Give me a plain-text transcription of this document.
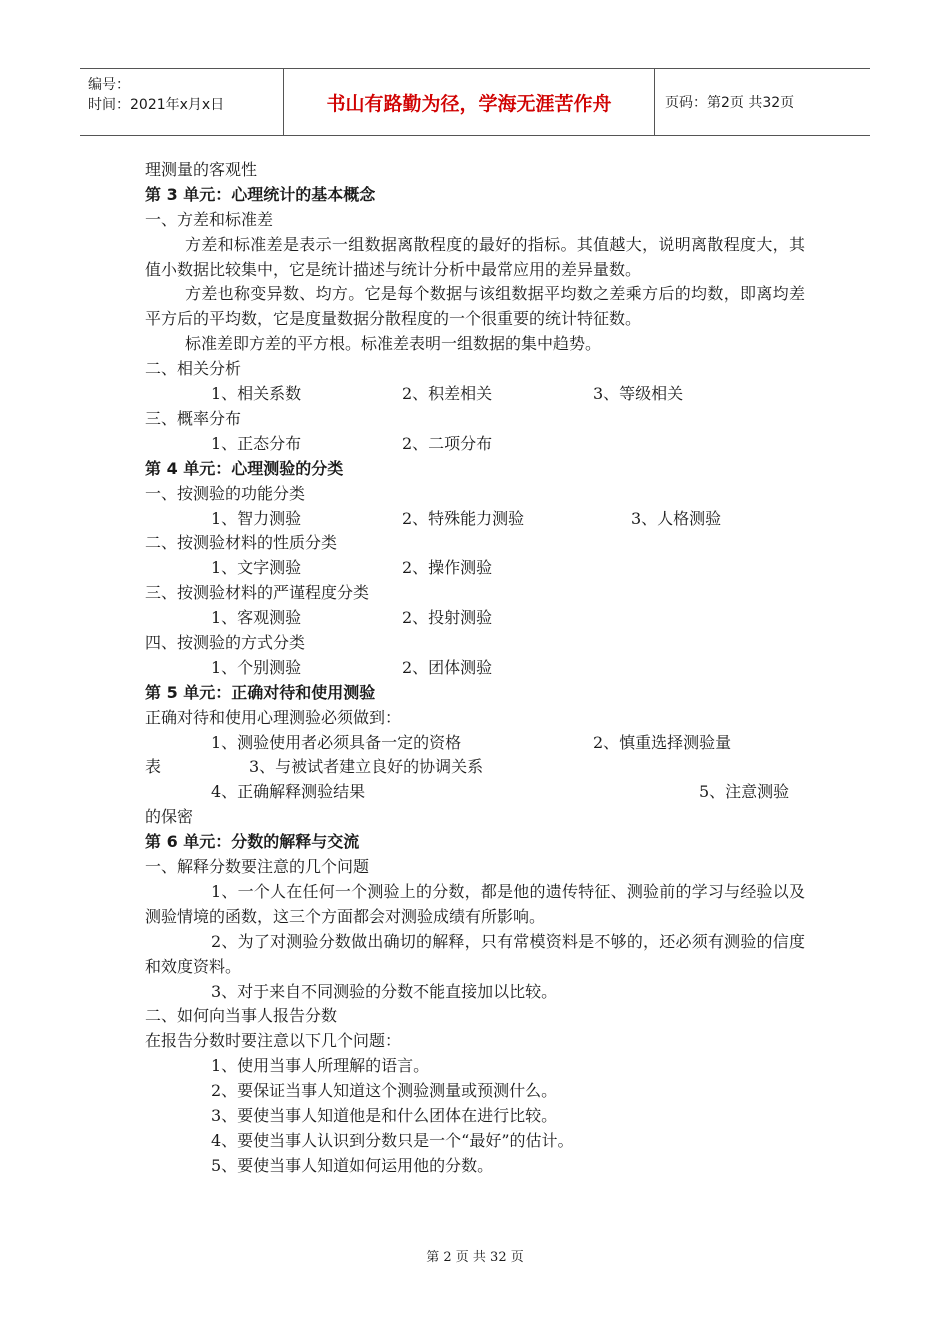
编号：
时间：2021年x月x日	书山有路勤为径，学海无涯苦作舟	页码：第2页 共32页
理测量的客观性
第 3 单元：心理统计的基本概念
一、方差和标准差
方差和标准差是表示一组数据离散程度的最好的指标。其值越大，说明离散程度大，其值小数据比较集中，它是统计描述与统计分析中最常应用的差异量数。
方差也称变异数、均方。它是每个数据与该组数据平均数之差乘方后的均数，即离均差平方后的平均数，它是度量数据分散程度的一个很重要的统计特征数。
标准差即方差的平方根。标准差表明一组数据的集中趋势。
二、相关分析
1、相关系数	2、积差相关	3、等级相关
三、概率分布
1、正态分布	2、二项分布
第 4 单元：心理测验的分类
一、按测验的功能分类
1、智力测验	2、特殊能力测验	3、人格测验
二、按测验材料的性质分类
1、文字测验	2、操作测验
三、按测验材料的严谨程度分类
1、客观测验	2、投射测验
四、按测验的方式分类
1、个别测验	2、团体测验
第 5 单元：正确对待和使用测验
正确对待和使用心理测验必须做到：
1、测验使用者必须具备一定的资格	2、慎重选择测验量
表	3、与被试者建立良好的协调关系
4、正确解释测验结果	5、注意测验
的保密
第 6 单元：分数的解释与交流
一、解释分数要注意的几个问题
1、一个人在任何一个测验上的分数，都是他的遗传特征、测验前的学习与经验以及测验情境的函数，这三个方面都会对测验成绩有所影响。
2、为了对测验分数做出确切的解释，只有常模资料是不够的，还必须有测验的信度和效度资料。
3、对于来自不同测验的分数不能直接加以比较。
二、如何向当事人报告分数
在报告分数时要注意以下几个问题：
1、使用当事人所理解的语言。
2、要保证当事人知道这个测验测量或预测什么。
3、要使当事人知道他是和什么团体在进行比较。
4、要使当事人认识到分数只是一个“最好”的估计。
5、要使当事人知道如何运用他的分数。
第 2 页 共 32 页
